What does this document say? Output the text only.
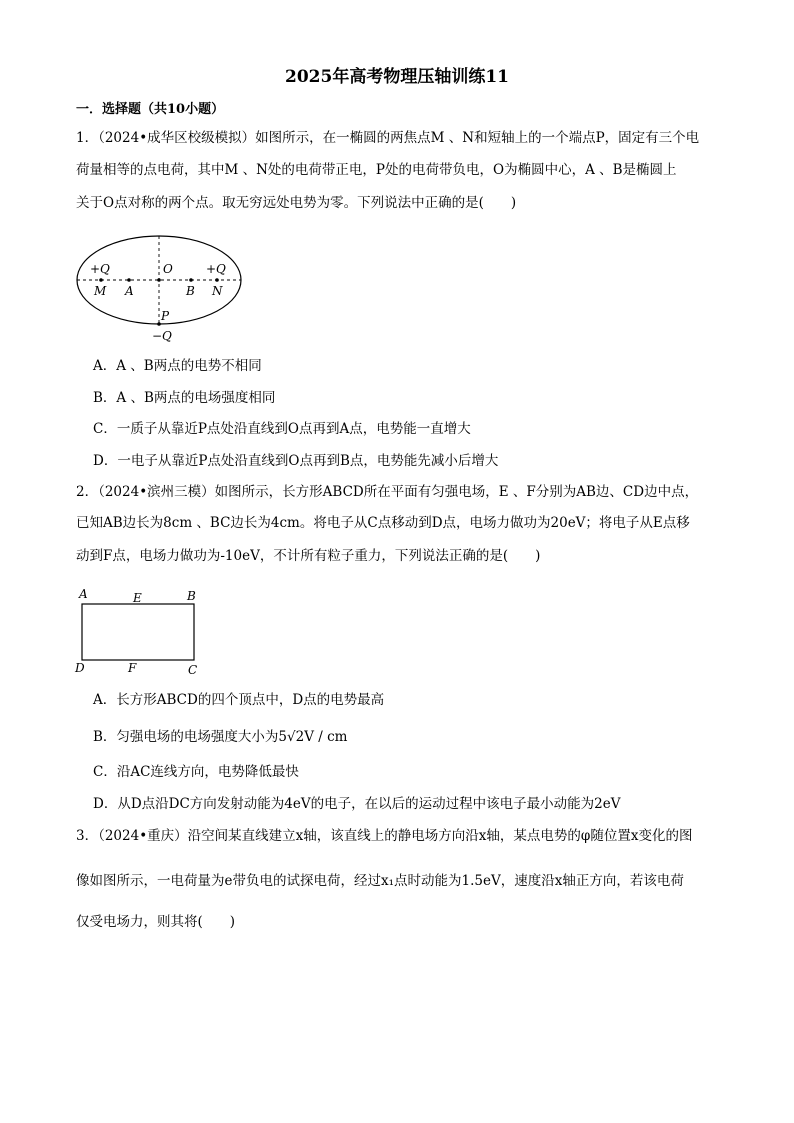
2025年高考物理压轴训练11
一．选择题（共10小题）
1．（2024•成华区校级模拟）如图所示，在一椭圆的两焦点M 、N和短轴上的一个端点P，固定有三个电
荷量相等的点电荷，其中M 、N处的电荷带正电，P处的电荷带负电，O为椭圆中心，A 、B是椭圆上
关于O点对称的两个点。取无穷远处电势为零。下列说法中正确的是(　　)
+Q	O	+Q
M A	B N
P
−Q
A．A 、B两点的电势不相同
B．A 、B两点的电场强度相同
C．一质子从靠近P点处沿直线到O点再到A点，电势能一直增大
D．一电子从靠近P点处沿直线到O点再到B点，电势能先减小后增大
2．（2024•滨州三模）如图所示，长方形ABCD所在平面有匀强电场，E 、F分别为AB边、CD边中点，
已知AB边长为8cm 、BC边长为4cm。将电子从C点移动到D点，电场力做功为20eV；将电子从E点移
动到F点，电场力做功为-10eV，不计所有粒子重力，下列说法正确的是(　　)
A	E	B
D	F	C
A．长方形ABCD的四个顶点中，D点的电势最高
B．匀强电场的电场强度大小为5√2V / cm
C．沿AC连线方向，电势降低最快
D．从D点沿DC方向发射动能为4eV的电子，在以后的运动过程中该电子最小动能为2eV
3．（2024•重庆）沿空间某直线建立x轴，该直线上的静电场方向沿x轴，某点电势的φ随位置x变化的图
像如图所示，一电荷量为e带负电的试探电荷，经过x₁点时动能为1.5eV，速度沿x轴正方向，若该电荷
仅受电场力，则其将(　　)
